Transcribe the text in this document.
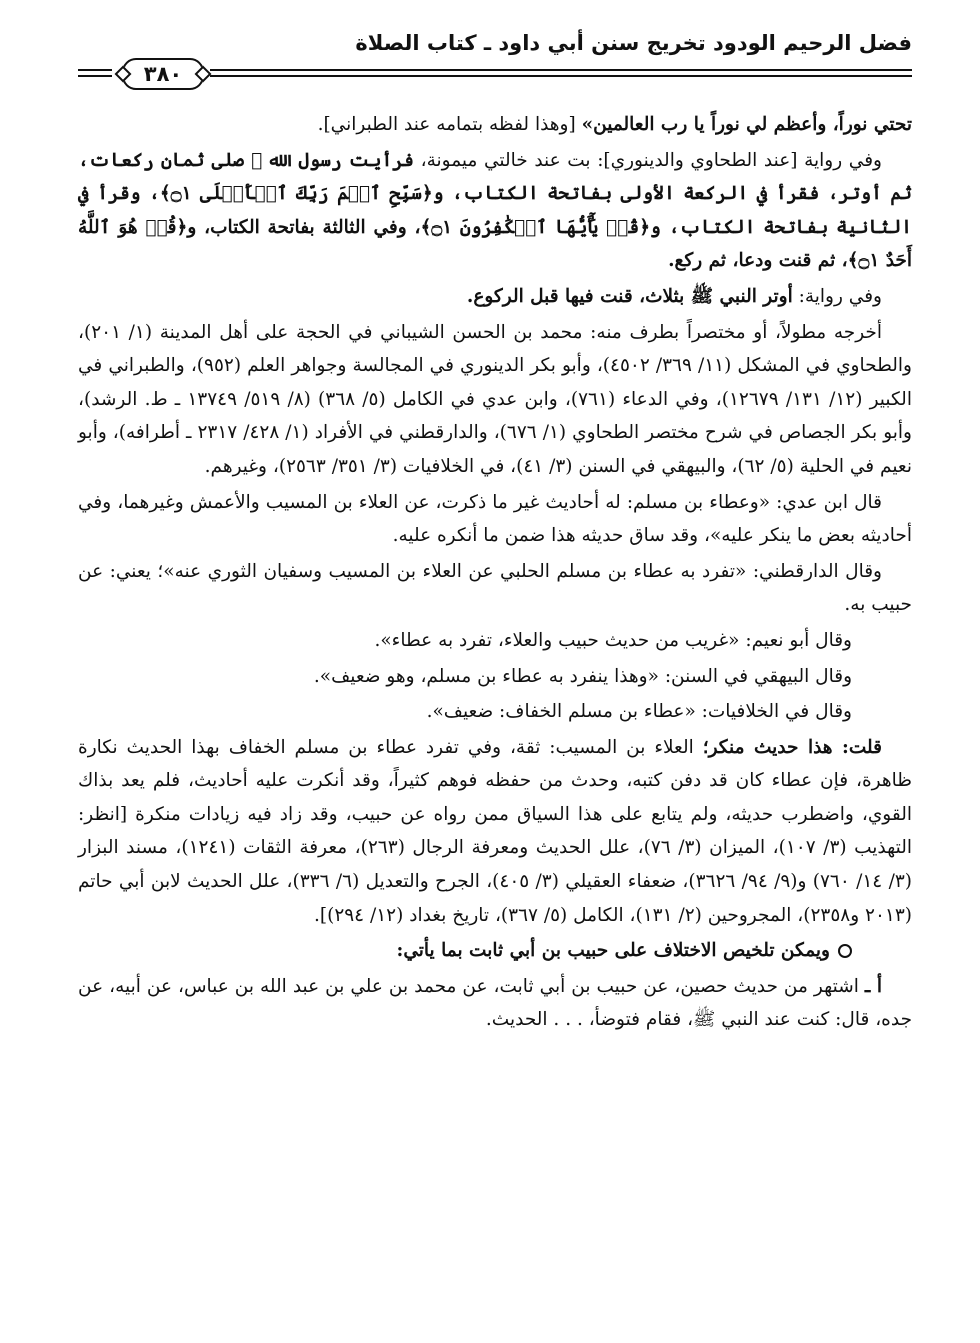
فضل الرحيم الودود تخريج سنن أبي داود ـ كتاب الصلاة
٣٨٠

تحتي نوراً، وأعظم لي نوراً يا رب العالمين» [وهذا لفظه بتمامه عند الطبراني].

وفي رواية [عند الطحاوي والدينوري]: بت عند خالتي ميمونة، فرأيت رسول الله ﷺ صلى ثمان ركعات، ثم أوتر، فقرأ في الركعة الأولى بفاتحة الكتاب، و﴿سَبِّحِ ٱسۡمَ رَبِّكَ ٱلۡأَعۡلَى ۝١﴾، وقرأ في الثانية بفاتحة الكتاب، و﴿قُلۡ يَٰٓأَيُّهَا ٱلۡكَٰفِرُونَ ۝١﴾، وفي الثالثة بفاتحة الكتاب، و﴿قُلۡ هُوَ ٱللَّهُ أَحَدٌ ۝١﴾، ثم قنت ودعا، ثم ركع.

وفي رواية: أوتر النبي ﷺ بثلاث، قنت فيها قبل الركوع.

أخرجه مطولاً، أو مختصراً بطرف منه: محمد بن الحسن الشيباني في الحجة على أهل المدينة (١/ ٢٠١)، والطحاوي في المشكل (١١/ ٣٦٩/ ٤٥٠٢)، وأبو بكر الدينوري في المجالسة وجواهر العلم (٩٥٢)، والطبراني في الكبير (١٢/ ١٣١/ ١٢٦٧٩)، وفي الدعاء (٧٦١)، وابن عدي في الكامل (٥/ ٣٦٨) (٨/ ٥١٩/ ١٣٧٤٩ ـ ط. الرشد)، وأبو بكر الجصاص في شرح مختصر الطحاوي (١/ ٦٧٦)، والدارقطني في الأفراد (١/ ٤٢٨/ ٢٣١٧ ـ أطرافه)، وأبو نعيم في الحلية (٥/ ٦٢)، والبيهقي في السنن (٣/ ٤١)، في الخلافيات (٣/ ٣٥١/ ٢٥٦٣)، وغيرهم.

قال ابن عدي: «وعطاء بن مسلم: له أحاديث غير ما ذكرت، عن العلاء بن المسيب والأعمش وغيرهما، وفي أحاديثه بعض ما ينكر عليه»، وقد ساق حديثه هذا ضمن ما أنكره عليه.

وقال الدارقطني: «تفرد به عطاء بن مسلم الحلبي عن العلاء بن المسيب وسفيان الثوري عنه»؛ يعني: عن حبيب به.

وقال أبو نعيم: «غريب من حديث حبيب والعلاء، تفرد به عطاء».

وقال البيهقي في السنن: «وهذا ينفرد به عطاء بن مسلم، وهو ضعيف».

وقال في الخلافيات: «عطاء بن مسلم الخفاف: ضعيف».

قلت: هذا حديث منكر؛ العلاء بن المسيب: ثقة، وفي تفرد عطاء بن مسلم الخفاف بهذا الحديث نكارة ظاهرة، فإن عطاء كان قد دفن كتبه، وحدث من حفظه فوهم كثيراً، وقد أنكرت عليه أحاديث، فلم يعد بذاك القوي، واضطرب حديثه، ولم يتابع على هذا السياق ممن رواه عن حبيب، وقد زاد فيه زيادات منكرة [انظر: التهذيب (٣/ ١٠٧)، الميزان (٣/ ٧٦)، علل الحديث ومعرفة الرجال (٢٦٣)، معرفة الثقات (١٢٤١)، مسند البزار (٣/ ١٤/ ٧٦٠) و(٩/ ٩٤/ ٣٦٢٦)، ضعفاء العقيلي (٣/ ٤٠٥)، الجرح والتعديل (٦/ ٣٣٦)، علل الحديث لابن أبي حاتم (٢٠١٣ و٢٣٥٨)، المجروحين (٢/ ١٣١)، الكامل (٥/ ٣٦٧)، تاريخ بغداد (١٢/ ٢٩٤)].

ويمكن تلخيص الاختلاف على حبيب بن أبي ثابت بما يأتي:

أ ـ اشتهر من حديث حصين، عن حبيب بن أبي ثابت، عن محمد بن علي بن عبد الله بن عباس، عن أبيه، عن جده، قال: كنت عند النبي ﷺ، فقام فتوضأ، . . . الحديث.
